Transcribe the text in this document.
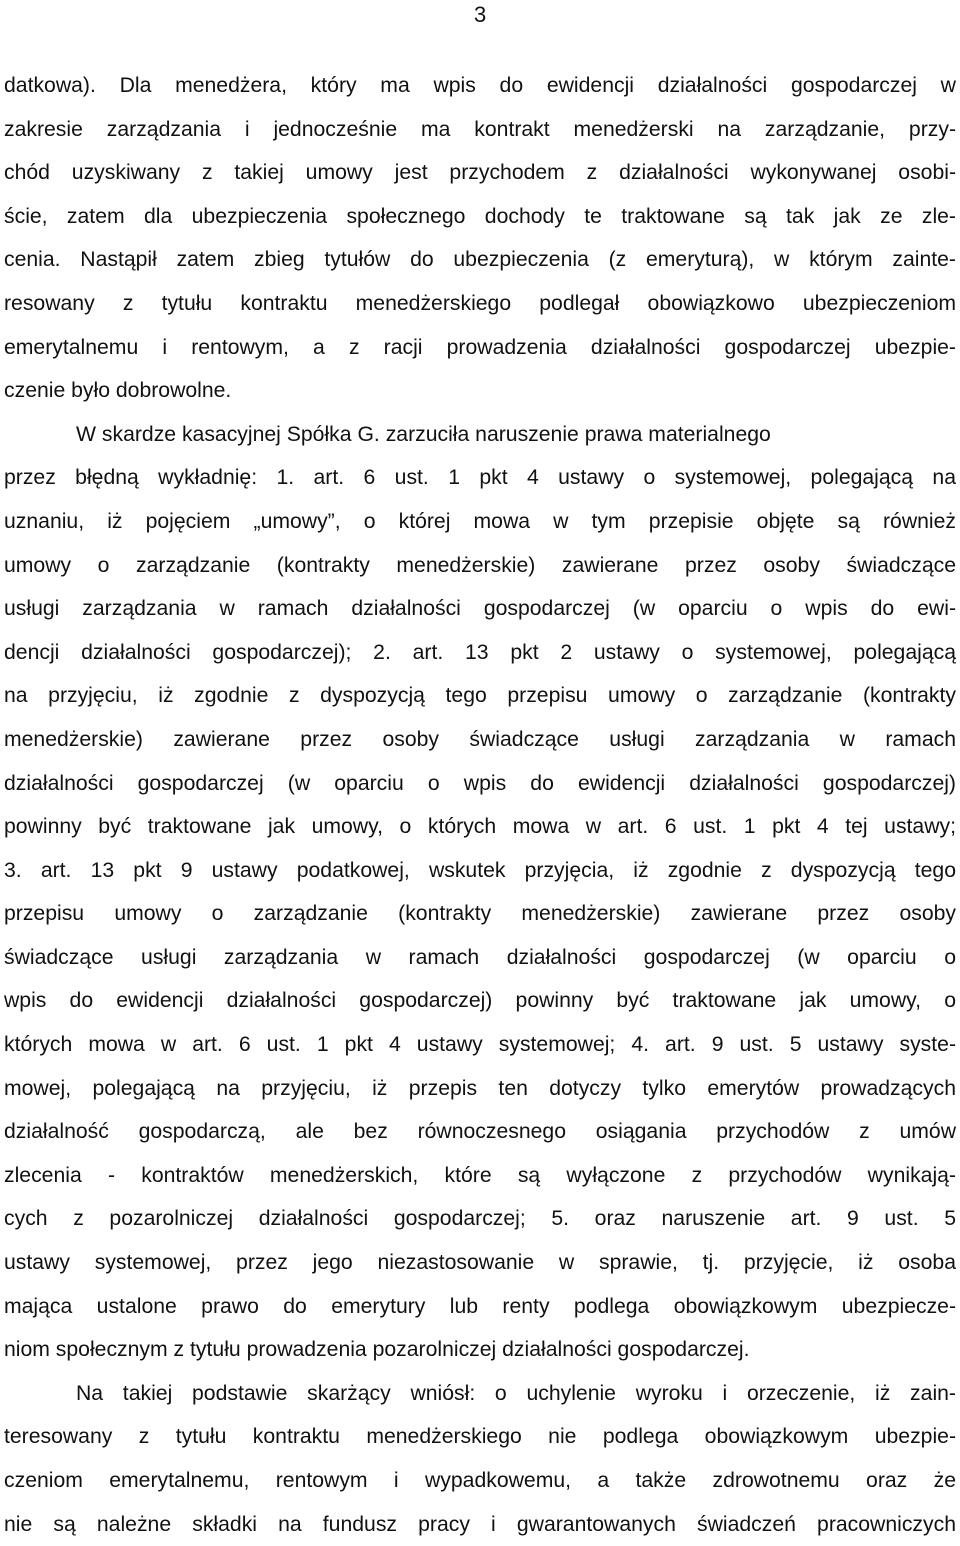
3
datkowa). Dla menedżera, który ma wpis do ewidencji działalności gospodarczej w
zakresie zarządzania i jednocześnie ma kontrakt menedżerski na zarządzanie, przy-
chód uzyskiwany z takiej umowy jest przychodem z działalności wykonywanej osobi-
ście, zatem dla ubezpieczenia społecznego dochody te traktowane są tak jak ze zle-
cenia. Nastąpił zatem zbieg tytułów do ubezpieczenia (z emeryturą), w którym zainte-
resowany z tytułu kontraktu menedżerskiego podlegał obowiązkowo ubezpieczeniom
emerytalnemu i rentowym, a z racji prowadzenia działalności gospodarczej ubezpie-
czenie było dobrowolne.
W skardze kasacyjnej Spółka G. zarzuciła naruszenie prawa materialnego
przez błędną wykładnię: 1. art. 6 ust. 1 pkt 4 ustawy o systemowej, polegającą na
uznaniu, iż pojęciem „umowy”, o której mowa w tym przepisie objęte są również
umowy o zarządzanie (kontrakty menedżerskie) zawierane przez osoby świadczące
usługi zarządzania w ramach działalności gospodarczej (w oparciu o wpis do ewi-
dencji działalności gospodarczej); 2. art. 13 pkt 2 ustawy o systemowej, polegającą
na przyjęciu, iż zgodnie z dyspozycją tego przepisu umowy o zarządzanie (kontrakty
menedżerskie) zawierane przez osoby świadczące usługi zarządzania w ramach
działalności gospodarczej (w oparciu o wpis do ewidencji działalności gospodarczej)
powinny być traktowane jak umowy, o których mowa w art. 6 ust. 1 pkt 4 tej ustawy;
3. art. 13 pkt 9 ustawy podatkowej, wskutek przyjęcia, iż zgodnie z dyspozycją tego
przepisu umowy o zarządzanie (kontrakty menedżerskie) zawierane przez osoby
świadczące usługi zarządzania w ramach działalności gospodarczej (w oparciu o
wpis do ewidencji działalności gospodarczej) powinny być traktowane jak umowy, o
których mowa w art. 6 ust. 1 pkt 4 ustawy systemowej; 4. art. 9 ust. 5 ustawy syste-
mowej, polegającą na przyjęciu, iż przepis ten dotyczy tylko emerytów prowadzących
działalność gospodarczą, ale bez równoczesnego osiągania przychodów z umów
zlecenia - kontraktów menedżerskich, które są wyłączone z przychodów wynikają-
cych z pozarolniczej działalności gospodarczej; 5. oraz naruszenie art. 9 ust. 5
ustawy systemowej, przez jego niezastosowanie w sprawie, tj. przyjęcie, iż osoba
mająca ustalone prawo do emerytury lub renty podlega obowiązkowym ubezpiecze-
niom społecznym z tytułu prowadzenia pozarolniczej działalności gospodarczej.
Na takiej podstawie skarżący wniósł: o uchylenie wyroku i orzeczenie, iż zain-
teresowany z tytułu kontraktu menedżerskiego nie podlega obowiązkowym ubezpie-
czeniom emerytalnemu, rentowym i wypadkowemu, a także zdrowotnemu oraz że
nie są należne składki na fundusz pracy i gwarantowanych świadczeń pracowniczych
